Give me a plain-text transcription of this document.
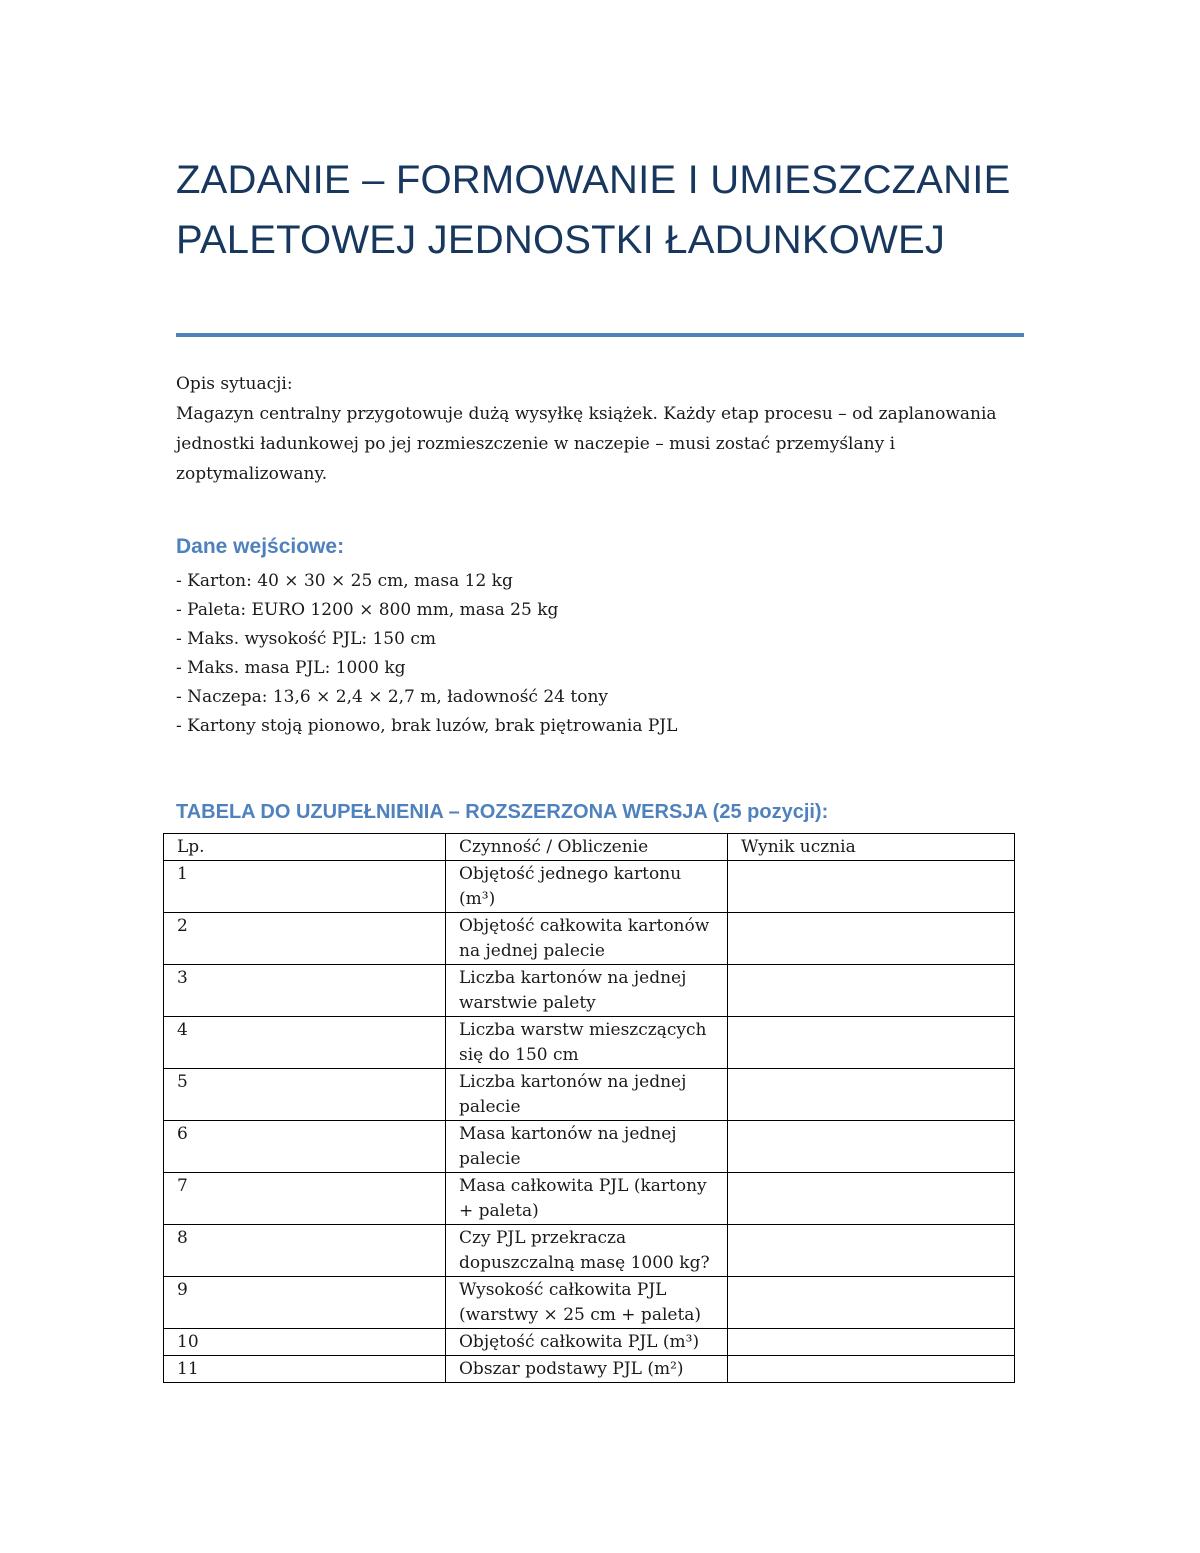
ZADANIE – FORMOWANIE I UMIESZCZANIE PALETOWEJ JEDNOSTKI ŁADUNKOWEJ

Opis sytuacji:

Magazyn centralny przygotowuje dużą wysyłkę książek. Każdy etap procesu – od zaplanowania jednostki ładunkowej po jej rozmieszczenie w naczepie – musi zostać przemyślany i zoptymalizowany.

Dane wejściowe:
- Karton: 40 × 30 × 25 cm, masa 12 kg
- Paleta: EURO 1200 × 800 mm, masa 25 kg
- Maks. wysokość PJL: 150 cm
- Maks. masa PJL: 1000 kg
- Naczepa: 13,6 × 2,4 × 2,7 m, ładowność 24 tony
- Kartony stoją pionowo, brak luzów, brak piętrowania PJL
TABELA DO UZUPEŁNIENIA – ROZSZERZONA WERSJA (25 pozycji):
Lp.	Czynność / Obliczenie	Wynik ucznia
1	Objętość jednego kartonu (m³)	
2	Objętość całkowita kartonów na jednej palecie	
3	Liczba kartonów na jednej warstwie palety	
4	Liczba warstw mieszczących się do 150 cm	
5	Liczba kartonów na jednej palecie	
6	Masa kartonów na jednej palecie	
7	Masa całkowita PJL (kartony + paleta)	
8	Czy PJL przekracza dopuszczalną masę 1000 kg?	
9	Wysokość całkowita PJL (warstwy × 25 cm + paleta)	
10	Objętość całkowita PJL (m³)	
11	Obszar podstawy PJL (m²)	
